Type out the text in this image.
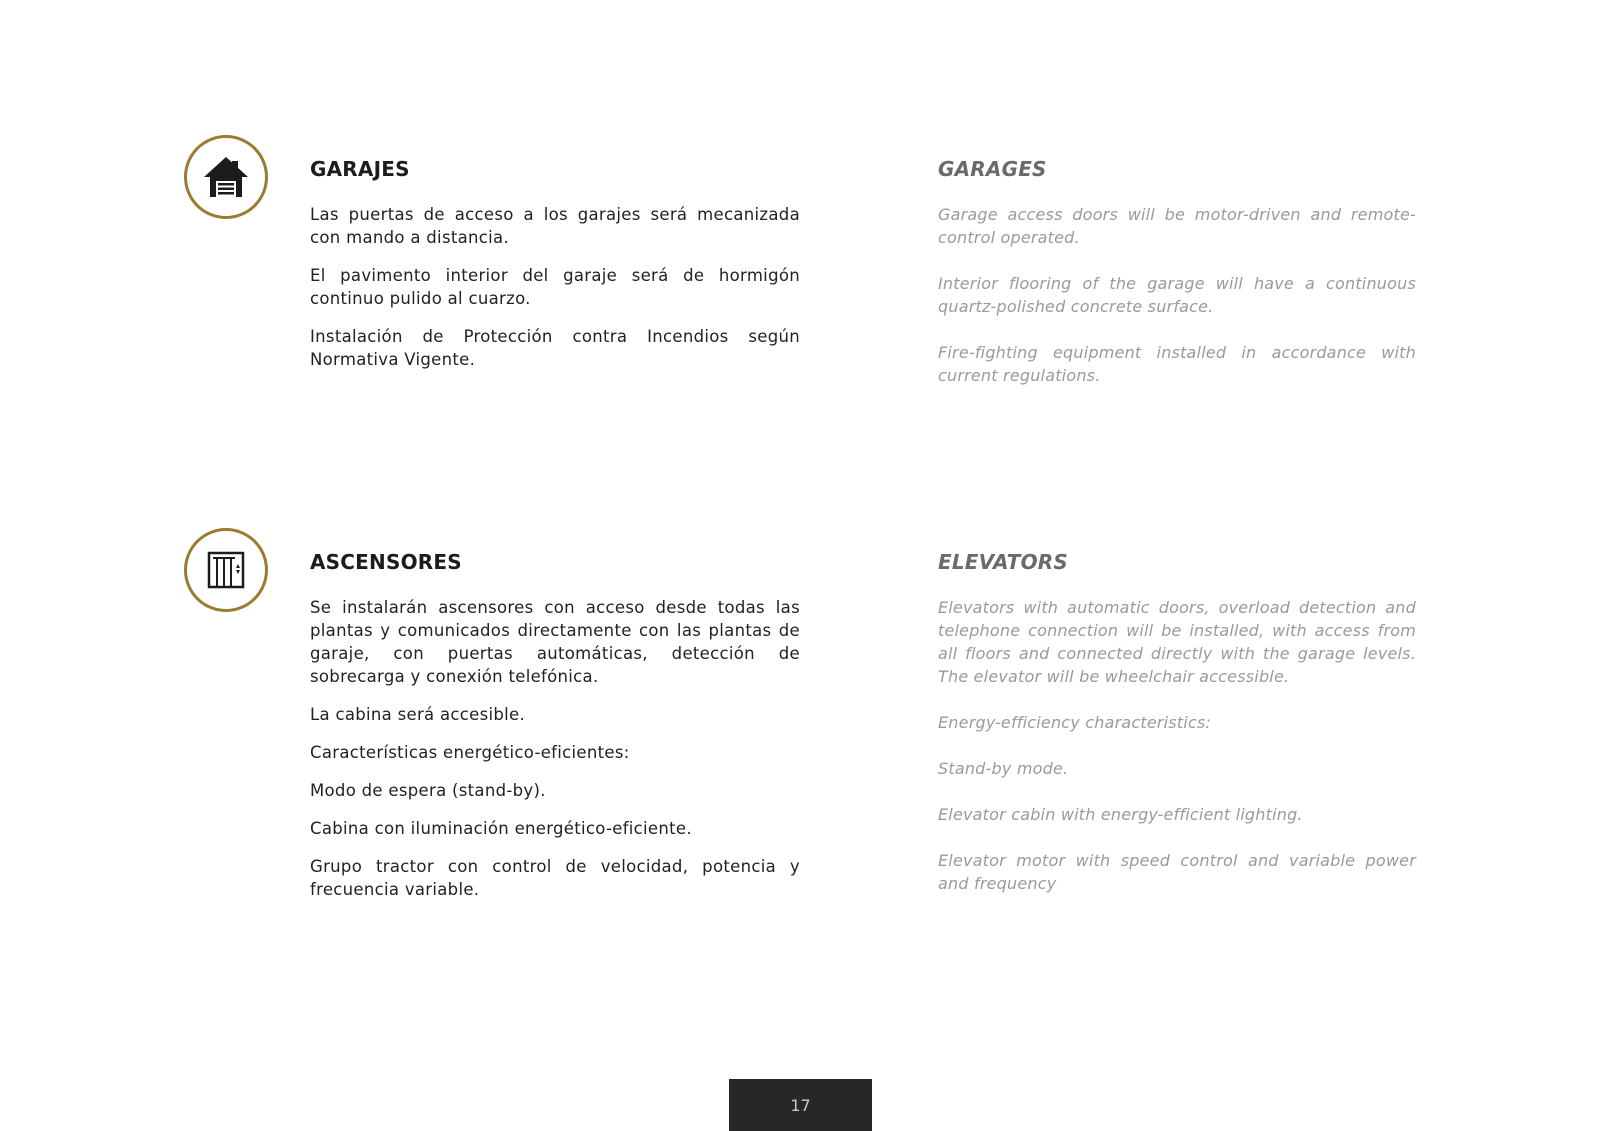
GARAJES

Las puertas de acceso a los garajes será mecanizada con mando a distancia.

El pavimento interior del garaje será de hormigón continuo pulido al cuarzo.

Instalación de Protección contra Incendios según Normativa Vigente.

GARAGES

Garage access doors will be motor-driven and remote-control operated.

Interior flooring of the garage will have a continuous quartz-polished concrete surface.

Fire-fighting equipment installed in accordance with current regulations.

ASCENSORES

Se instalarán ascensores con acceso desde todas las plantas y comunicados directamente con las plantas de garaje, con puertas automáticas, detección de sobrecarga y conexión telefónica.

La cabina será accesible.

Características energético-eficientes:

Modo de espera (stand-by).

Cabina con iluminación energético-eficiente.

Grupo tractor con control de velocidad, potencia y frecuencia variable.

ELEVATORS

Elevators with automatic doors, overload detection and telephone connection will be installed, with access from all floors and connected directly with the garage levels. The elevator will be wheelchair accessible.

Energy-efficiency characteristics:

Stand-by mode.

Elevator cabin with energy-efficient lighting.

Elevator motor with speed control and variable power and frequency

17
